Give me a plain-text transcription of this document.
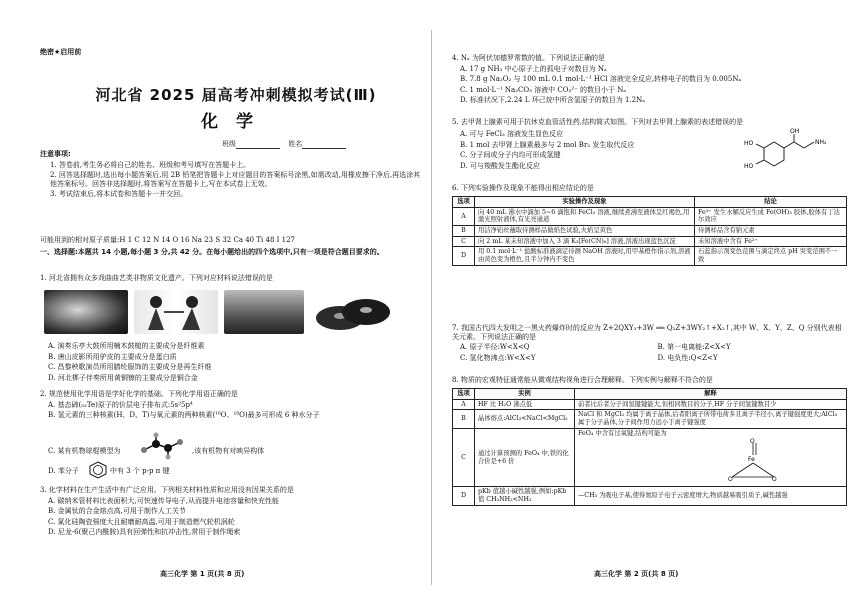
绝密★启用前
河北省 2025 届高考冲刺模拟考试(Ⅲ)
化学
班级	姓名

注意事项:

1. 答卷前,考生务必将自己的姓名、班级和考号填写在答题卡上。

2. 回答选择题时,选出每小题答案后,用 2B 铅笔把答题卡上对应题目的答案标号涂黑,如需改动,用橡皮擦干净后,再选涂其他答案标号。回答非选择题时,将答案写在答题卡上,写在本试卷上无效。

3. 考试结束后,将本试卷和答题卡一并交回。

可能用到的相对原子质量:H 1 C 12 N 14 O 16 Na 23 S 32 Ca 40 Ti 48 I 127
一、选择题:本题共 14 小题,每小题 3 分,共 42 分。在每小题给出的四个选项中,只有一项是符合题目要求的。
1. 河北省拥有众多戏曲曲艺类非物质文化遗产。下列对应材料说法错误的是

A. 演奏乐亭大鼓所用楠木鼓槌的主要成分是纤维素

B. 唐山皮影所用驴皮的主要成分是蛋白质

C. 昌黎秧歌演员所用腈纶服饰的主要成分是再生纤维

D. 河北梆子伴奏所用黄铜镲的主要成分是铜合金

2. 规范使用化学用语是学好化学的基础。下列化学用语正确的是

A. 基态碲(₅₂Te)原子的价层电子排布式:5s²5p⁴

B. 氢元素的三种核素(H、D、T)与氧元素的两种核素(¹⁶O、¹⁸O)最多可形成 6 种水分子

C. 某有机物球棍模型为	,该有机物有对映异构体
D. 苯分子	中有 3 个 p-p π 键

3. 化学材料在生产生活中有广泛应用。下列相关材料性质和应用没有因果关系的是

A. 碳纳米管材料比表面积大,可快速传导电子,从而提升电池容量和快充性能

B. 金属钛的合金熔点高,可用于制作人工关节

C. 氮化硅陶瓷强度大且耐磨耐高温,可用于制造燃气轮机涡轮

D. 尼龙-6(聚己内酰胺)具有回弹性和抗冲击性,常用于制作绳索

高三化学 第 1 页(共 8 页)

4. Nₐ 为阿伏加德罗常数的值。下列说法正确的是

A. 17 g NH₃ 中心原子上的孤电子对数目为 Nₐ

B. 7.8 g Na₂O₂ 与 100 mL 0.1 mol·L⁻¹ HCl 溶液完全反应,转移电子的数目为 0.005Nₐ

C. 1 mol·L⁻¹ Na₂CO₃ 溶液中 CO₃²⁻ 的数目小于 Nₐ

D. 标准状况下,2.24 L 环己烷中所含氢原子的数目为 1.2Nₐ

5. 去甲肾上腺素可用于抗休克血管活性药,结构简式如图。下列对去甲肾上腺素的表述错误的是

A. 可与 FeCl₃ 溶液发生显色反应

B. 1 mol 去甲肾上腺素最多与 2 mol Br₂ 发生取代反应

C. 分子间或分子内均可形成氢键

D. 可与羧酸发生酯化反应

OH
HO
HO
NH₂
6. 下列实验操作及现象不能得出相应结论的是
选项	实验操作及现象	结论
A	向 40 mL 沸水中滴加 5~6 滴饱和 FeCl₃ 溶液,继续煮沸至液体呈红褐色,用激光照射液体,有光亮通道	Fe³⁺ 发生水解反应生成 Fe(OH)₃ 胶体,胶体有丁达尔效应
B	用洁净铂丝蘸取待测样品做焰色试验,火焰呈黄色	待测样品含有钠元素
C	向 2 mL 某未知溶液中加入 3 滴 K₃[Fe(CN)₆] 溶液,溶液出现蓝色沉淀	未知溶液中含有 Fe²⁺
D	用 0.1 mol·L⁻¹ 盐酸标准液滴定待测 NaOH 溶液时,用甲基橙作指示剂,溶液由黄色变为橙色,且半分钟内不变色	石蕊指示剂变色范围与滴定终点 pH 突变范围不一致

7. 我国古代四大发明之一黑火药爆炸时的反应为 Z+2QXY₃+3W ══ Q₂Z+3WY₂↑+X₂↑,其中 W、X、Y、Z、Q 分别代表相关元素。下列说法正确的是

A. 原子半径:W<X<Q	B. 第一电离能:Z<X<Y

C. 氢化物沸点:W<X<Y	D. 电负性:Q<Z<Y

8. 物质的宏观特征通常能从微观结构视角进行合理解释。下列实例与解释不符合的是
选项	实例	解释
A	HF 比 H₂O 沸点低	前者比后者分子间氢键键能大,但相同数目的分子,HF 分子间氢键数目少
B	晶体熔点:AlCl₃<NaCl<MgCl₂	NaCl 和 MgCl₂ 均属于离子晶体,后者阳离子所带电荷多且离子半径小,离子键强度更大;AlCl₃ 属于分子晶体,分子间作用力远小于离子键强度
C	通过计算预测的 FeO₄ 中,铁的化合价是+6 价	FeO₄ 中含有过氧键,结构可能为
O
O
Fe
O

D	pKb 值越小碱性越强,例如:pKb 值 CH₃NH₂<NH₃	—CH₃ 为吸电子基,使得氮原子电子云密度增大,物质越易吸引质子,碱性越强
高三化学 第 2 页(共 8 页)
